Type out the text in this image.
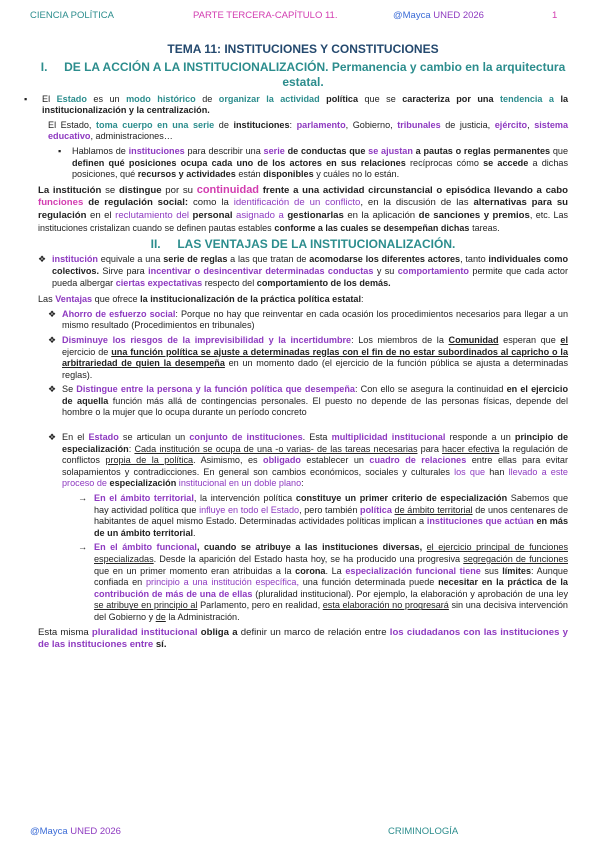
CIENCIA POLÍTICA	PARTE TERCERA-CAPÍTULO 11.	@Mayca UNED 2026	1
TEMA 11: INSTITUCIONES Y CONSTITUCIONES
I. DE LA ACCIÓN A LA INSTITUCIONALIZACIÓN. Permanencia y cambio en la arquitectura estatal.
▪ El Estado es un modo histórico de organizar la actividad política que se caracteriza por una tendencia a la institucionalización y la centralización.

El Estado, toma cuerpo en una serie de instituciones: parlamento, Gobierno, tribunales de justicia, ejército, sistema educativo, administraciones…

▪ Hablamos de instituciones para describir una serie de conductas que se ajustan a pautas o reglas permanentes que definen qué posiciones ocupa cada uno de los actores en sus relaciones recíprocas cómo se accede a dichas posiciones, qué recursos y actividades están disponibles y cuáles no lo están.

La institución se distingue por su continuidad frente a una actividad circunstancial o episódica llevando a cabo funciones de regulación social: como la identificación de un conflicto, en la discusión de las alternativas para su regulación en el reclutamiento del personal asignado a gestionarlas en la aplicación de sanciones y premios, etc. Las instituciones cristalizan cuando se definen pautas estables conforme a las cuales se desempeñan dichas tareas.

II. LAS VENTAJAS DE LA INSTITUCIONALIZACIÓN.
❖ institución equivale a una serie de reglas a las que tratan de acomodarse los diferentes actores, tanto individuales como colectivos. Sirve para incentivar o desincentivar determinadas conductas y su comportamiento permite que cada actor pueda albergar ciertas expectativas respecto del comportamiento de los demás.

Las Ventajas que ofrece la institucionalización de la práctica política estatal:

❖ Ahorro de esfuerzo social: Porque no hay que reinventar en cada ocasión los procedimientos necesarios para llegar a un mismo resultado (Procedimientos en tribunales)
❖ Disminuye los riesgos de la imprevisibilidad y la incertidumbre: Los miembros de la Comunidad esperan que el ejercicio de una función política se ajuste a determinadas reglas con el fin de no estar subordinados al capricho o la arbitrariedad de quien la desempeña en un momento dado (el ejercicio de la función pública se ajusta a determinadas reglas).
❖ Se Distingue entre la persona y la función política que desempeña: Con ello se asegura la continuidad en el ejercicio de aquella función más allá de contingencias personales. El puesto no depende de las personas físicas, depende del hombre o la mujer que lo ocupa durante un período concreto
❖ En el Estado se articulan un conjunto de instituciones. Esta multiplicidad institucional responde a un principio de especialización: Cada institución se ocupa de una -o varias- de las tareas necesarias para hacer efectiva la regulación de conflictos propia de la política. Asimismo, es obligado establecer un cuadro de relaciones entre ellas para evitar solapamientos y contradicciones. En general son cambios económicos, sociales y culturales los que han llevado a este proceso de especialización institucional en un doble plano:
→ En el ámbito territorial, la intervención política constituye un primer criterio de especialización Sabemos que hay actividad política que influye en todo el Estado, pero también política de ámbito territorial de unos centenares de habitantes de aquel mismo Estado. Determinadas actividades políticas implican a instituciones que actúan en más de un ámbito territorial.
→ En el ámbito funcional, cuando se atribuye a las instituciones diversas, el ejercicio principal de funciones especializadas. Desde la aparición del Estado hasta hoy, se ha producido una progresiva segregación de funciones que en un primer momento eran atribuidas a la corona. La especialización funcional tiene sus límites: Aunque confiada en principio a una institución específica, una función determinada puede necesitar en la práctica de la contribución de más de una de ellas (pluralidad institucional). Por ejemplo, la elaboración y aprobación de una ley se atribuye en principio al Parlamento, pero en realidad, esta elaboración no progresará sin una decisiva intervención del Gobierno y de la Administración.

Esta misma pluralidad institucional obliga a definir un marco de relación entre los ciudadanos con las instituciones y de las instituciones entre sí.

@Mayca UNED 2026	CRIMINOLOGÍA
